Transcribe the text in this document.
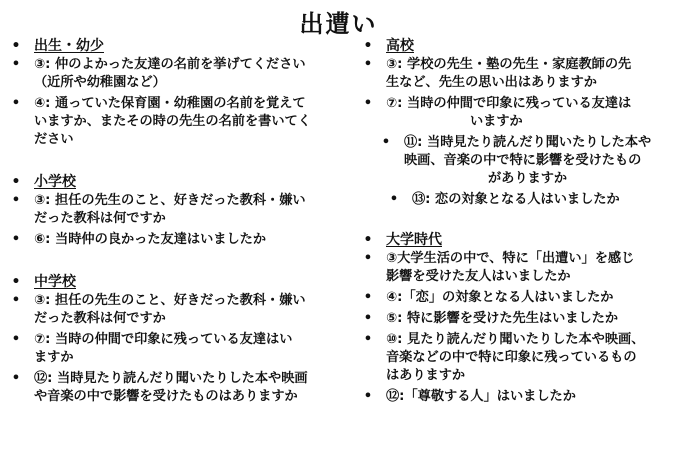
出遭い
• 出生・幼少
•	③: 仲のよかった友達の名前を挙げてください
（近所や幼稚園など）
•	④: 通っていた保育園・幼稚園の名前を覚えて
いますか、またその時の先生の名前を書いてく
ださい
• 小学校
•	③: 担任の先生のこと、好きだった教科・嫌い
だった教科は何ですか
•	⑥: 当時仲の良かった友達はいましたか
• 中学校
•	③: 担任の先生のこと、好きだった教科・嫌い
だった教科は何ですか
•	⑦: 当時の仲間で印象に残っている友達はい
ますか
•	⑫: 当時見たり読んだり聞いたりした本や映画
や音楽の中で影響を受けたものはありますか
• 高校
•	③: 学校の先生・塾の先生・家庭教師の先
生など、先生の思い出はありますか
•	⑦: 当時の仲間で印象に残っている友達は
いますか
•	⑪: 当時見たり読んだり聞いたりした本や
映画、音楽の中で特に影響を受けたもの
がありますか
•	⑬: 恋の対象となる人はいましたか
• 大学時代
•	③大学生活の中で、特に「出遭い」を感じ
影響を受けた友人はいましたか
•	④:「恋」の対象となる人はいましたか
•	⑤: 特に影響を受けた先生はいましたか
•	⑩: 見たり読んだり聞いたりした本や映画、
音楽などの中で特に印象に残っているもの
はありますか
•	⑫:「尊敬する人」はいましたか
